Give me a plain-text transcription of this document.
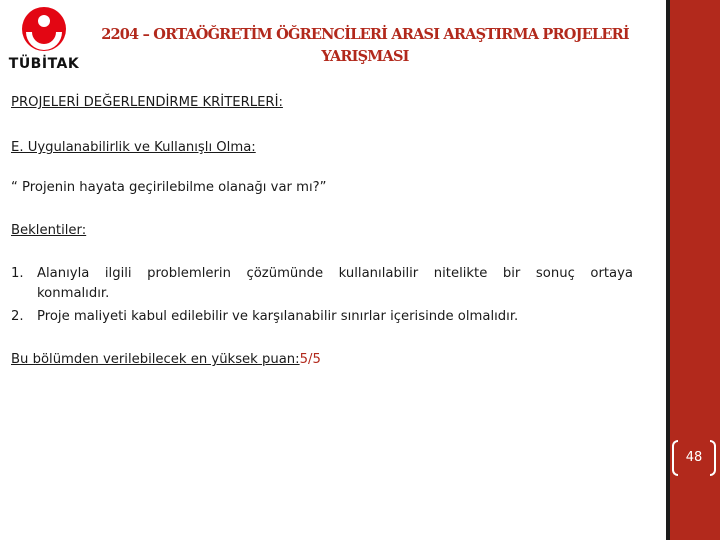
TÜBİTAK
2204 – ORTAÖĞRETİM ÖĞRENCİLERİ ARASI ARAŞTIRMA PROJELERİ
YARIŞMASI
PROJELERİ DEĞERLENDİRME KRİTERLERİ:
E. Uygulanabilirlik ve Kullanışlı Olma:
“ Projenin hayata geçirilebilme olanağı var mı?”
Beklentiler:
1. Alanıyla ilgili problemlerin çözümünde kullanılabilir nitelikte bir sonuç ortaya konmalıdır.
2. Proje maliyeti kabul edilebilir ve karşılanabilir sınırlar içerisinde olmalıdır.
Bu bölümden verilebilecek en yüksek puan:5/5
48
